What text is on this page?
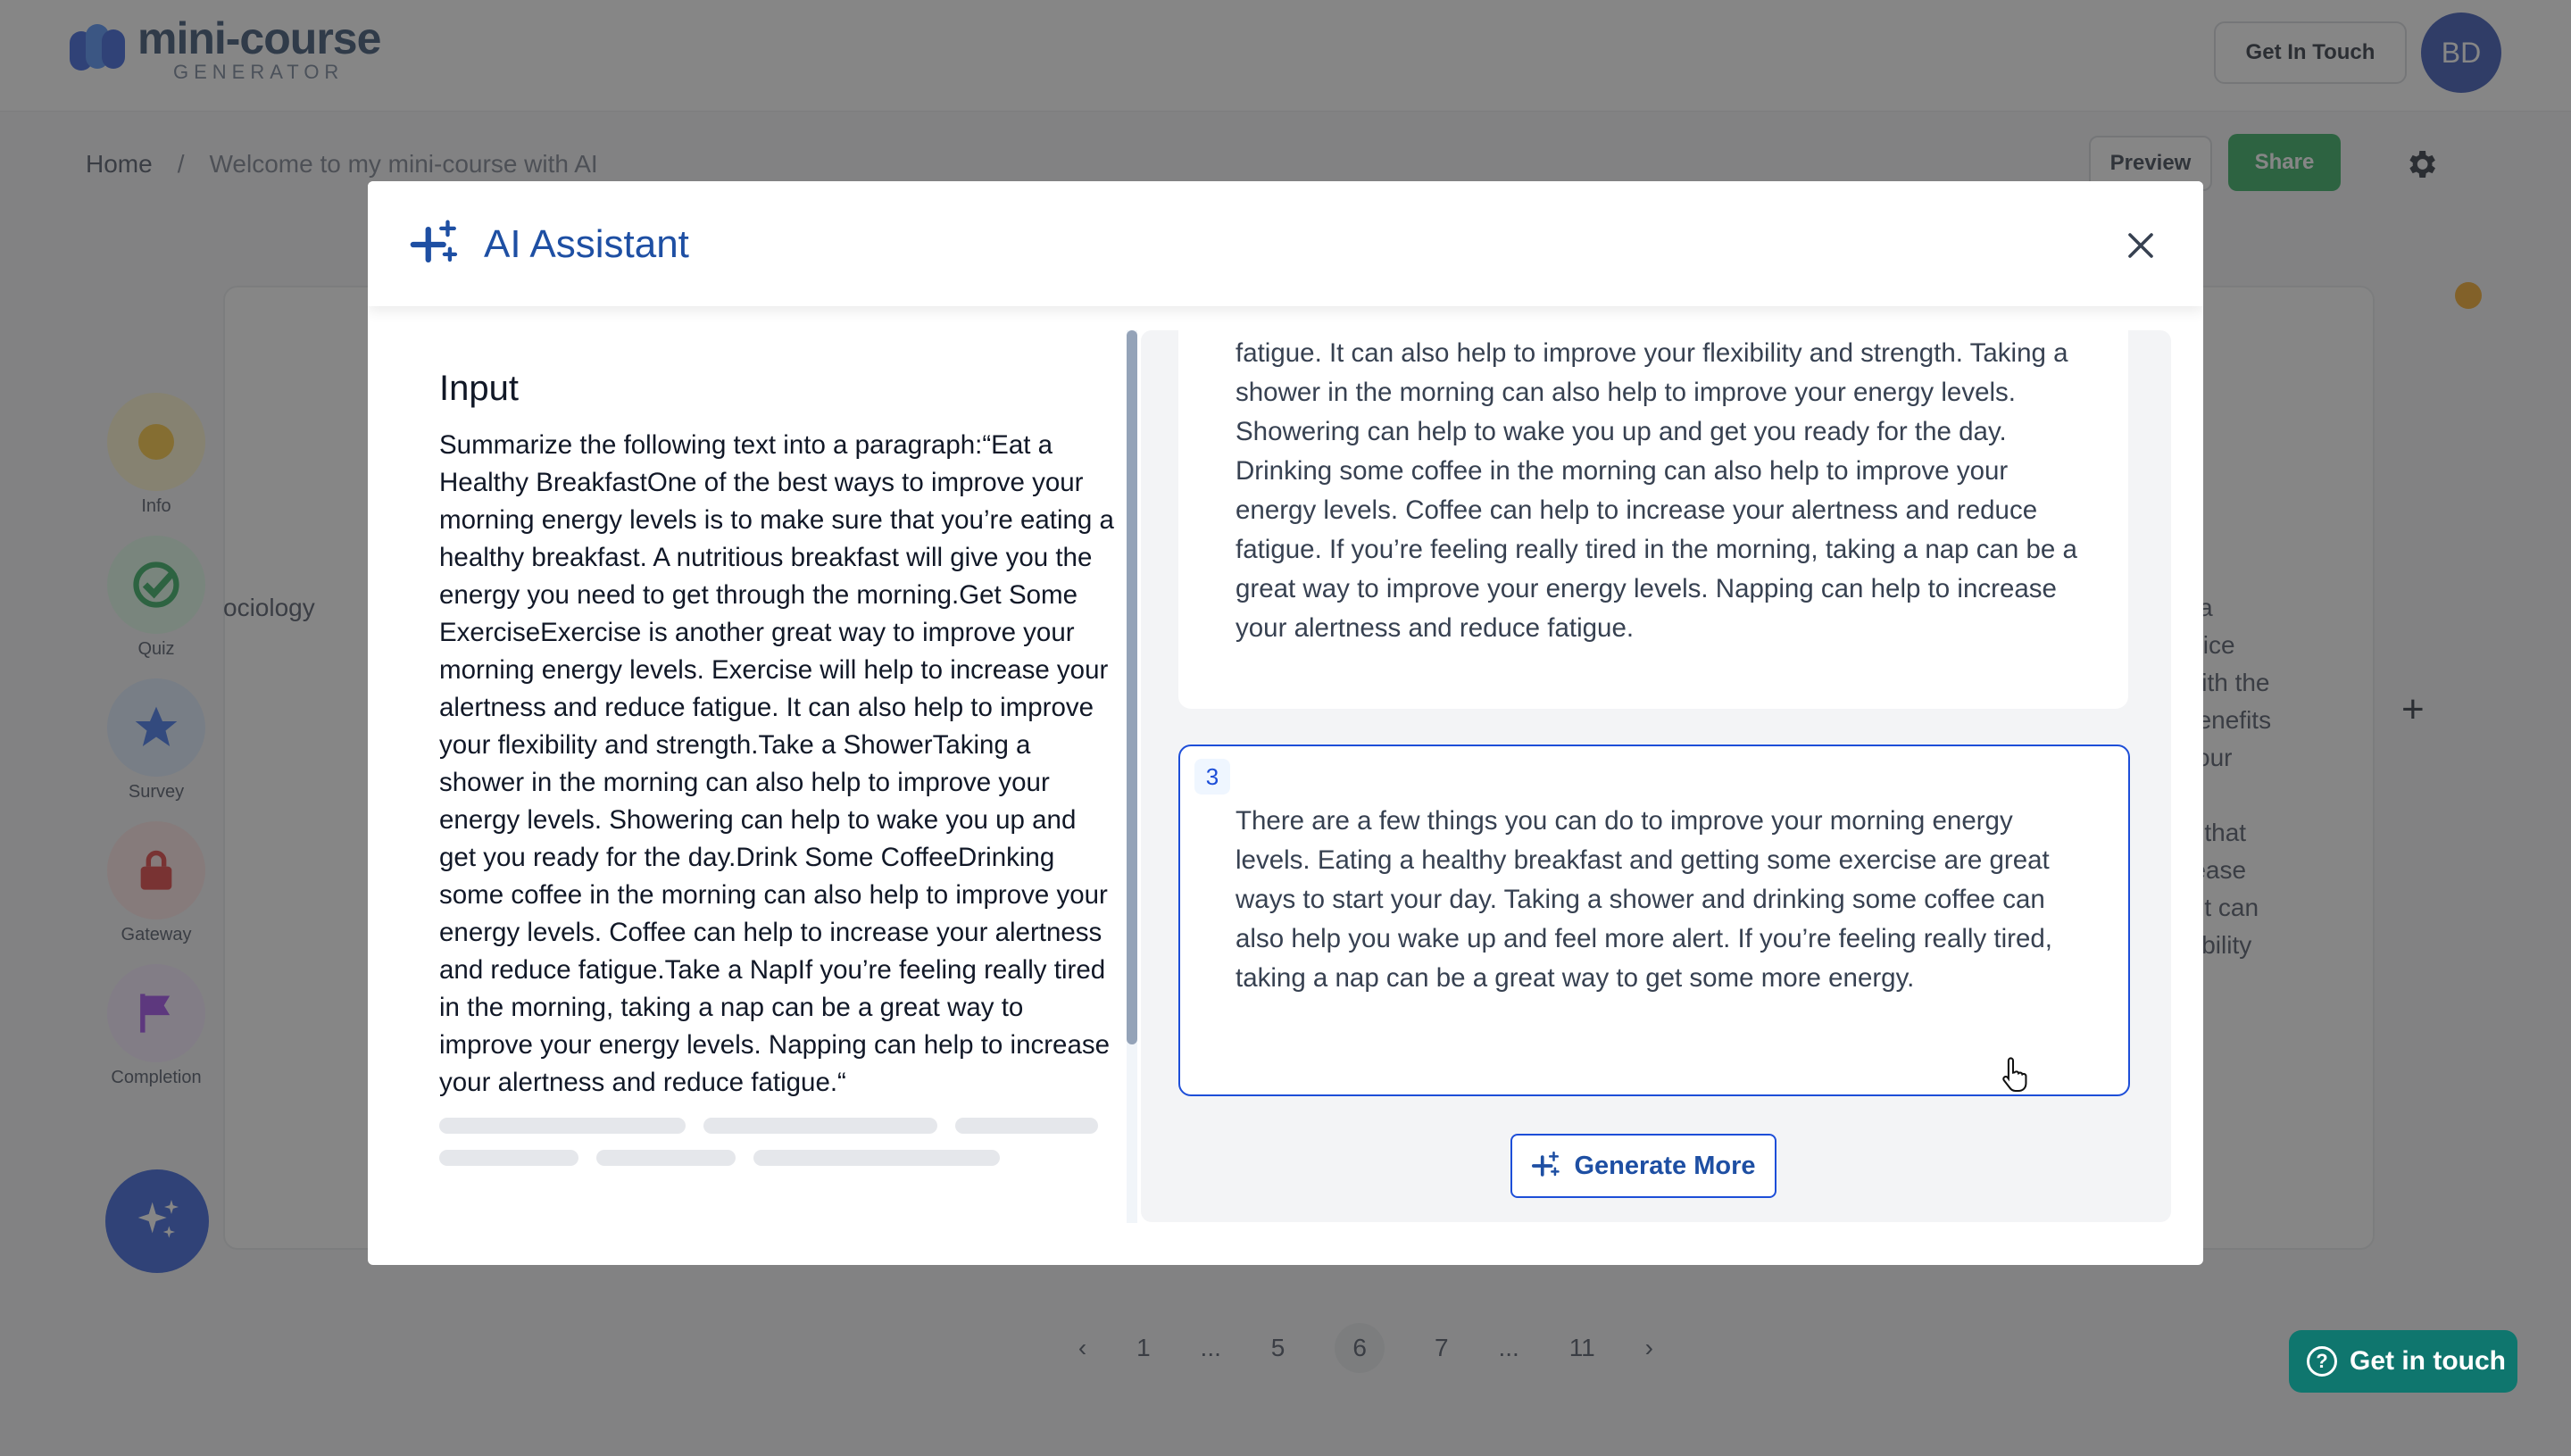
? Get in touch
AI Assistant
Input
Summarize the following text into a paragraph:“Eat a Healthy BreakfastOne of the best ways to improve your morning energy levels is to make sure that you’re eating a healthy breakfast. A nutritious breakfast will give you the energy you need to get through the morning.Get Some ExerciseExercise is another great way to improve your morning energy levels. Exercise will help to increase your alertness and reduce fatigue. It can also help to improve your flexibility and strength.Take a ShowerTaking a shower in the morning can also help to improve your energy levels. Showering can help to wake you up and get you ready for the day.Drink Some CoffeeDrinking some coffee in the morning can also help to improve your energy levels. Coffee can help to increase your alertness and reduce fatigue.Take a NapIf you’re feeling really tired in the morning, taking a nap can be a great way to improve your energy levels. Napping can help to increase your alertness and reduce fatigue.“
fatigue. It can also help to improve your flexibility and strength. Taking a shower in the morning can also help to improve your energy levels. Showering can help to wake you up and get you ready for the day. Drinking some coffee in the morning can also help to improve your energy levels. Coffee can help to increase your alertness and reduce fatigue. If you’re feeling really tired in the morning, taking a nap can be a great way to improve your energy levels. Napping can help to increase your alertness and reduce fatigue.
3
There are a few things you can do to improve your morning energy levels. Eating a healthy breakfast and getting some exercise are great ways to start your day. Taking a shower and drinking some coffee can also help you wake up and feel more alert. If you’re feeling really tired, taking a nap can be a great way to get some more energy.
Generate More
